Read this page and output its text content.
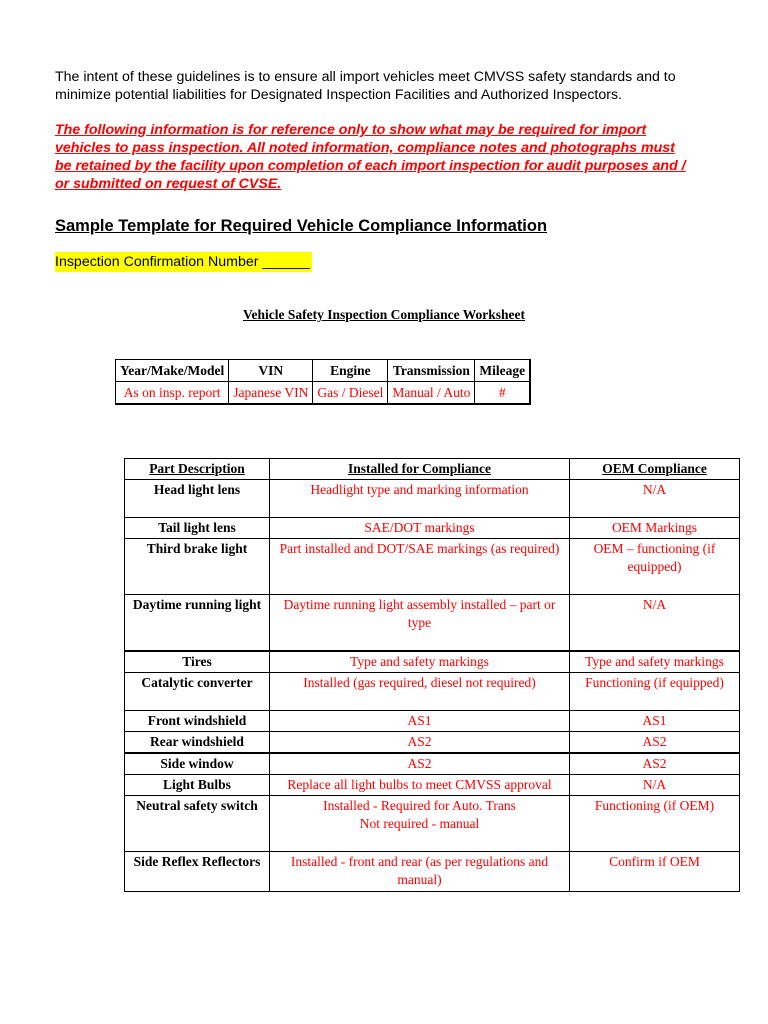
The intent of these guidelines is to ensure all import vehicles meet CMVSS safety standards and to
minimize potential liabilities for Designated Inspection Facilities and Authorized Inspectors.

The following information is for reference only to show what may be required for import
vehicles to pass inspection. All noted information, compliance notes and photographs must
be retained by the facility upon completion of each import inspection for audit purposes and /
or submitted on request of CVSE.

Sample Template for Required Vehicle Compliance Information
Inspection Confirmation Number ______
Vehicle Safety Inspection Compliance Worksheet
Year/Make/Model	VIN	Engine	Transmission	Mileage
As on insp. report	Japanese VIN	Gas / Diesel	Manual / Auto	#
Part Description	Installed for Compliance	OEM Compliance
Head light lens	Headlight type and marking information	N/A
Tail light lens	SAE/DOT markings	OEM Markings
Third brake light	Part installed and DOT/SAE markings (as required)	OEM – functioning (if equipped)
Daytime running light	Daytime running light assembly installed – part or type	N/A
Tires	Type and safety markings	Type and safety markings
Catalytic converter	Installed (gas required, diesel not required)	Functioning (if equipped)
Front windshield	AS1	AS1
Rear windshield	AS2	AS2
Side window	AS2	AS2
Light Bulbs	Replace all light bulbs to meet CMVSS approval	N/A
Neutral safety switch	Installed - Required for Auto. Trans
Not required - manual	Functioning (if OEM)
Side Reflex Reflectors	Installed - front and rear (as per regulations and manual)	Confirm if OEM
